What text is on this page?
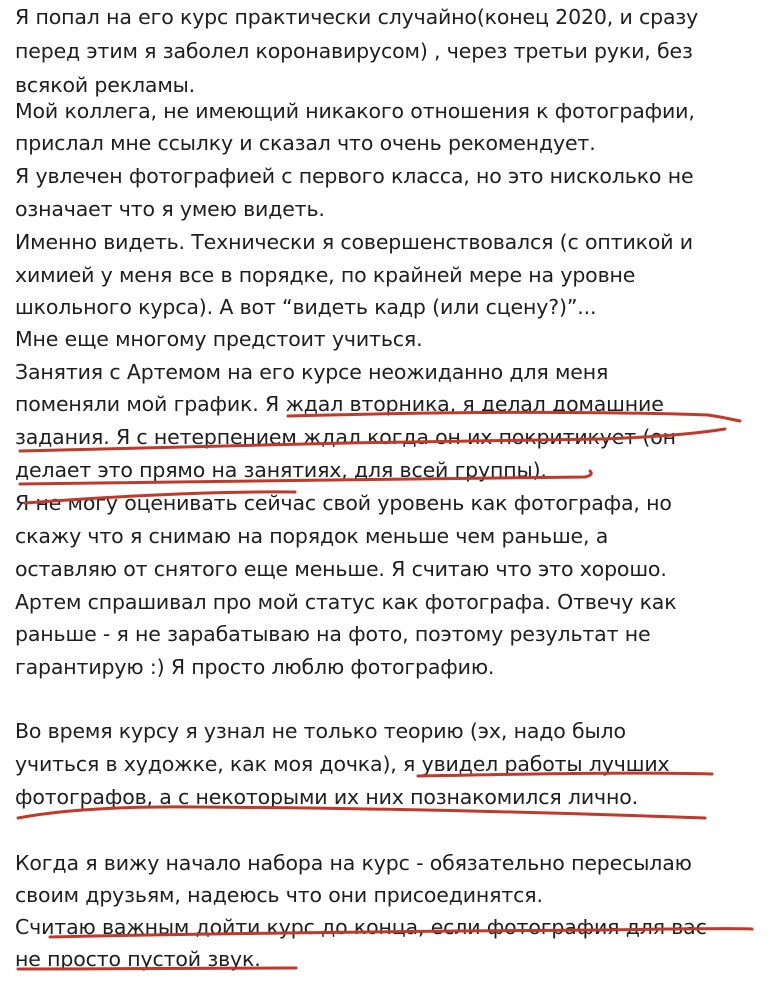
Я попал на его курс практически случайно(конец 2020, и сразу
перед этим я заболел коронавирусом) , через третьи руки, без
всякой рекламы.
Мой коллега, не имеющий никакого отношения к фотографии,
прислал мне ссылку и сказал что очень рекомендует.
Я увлечен фотографией с первого класса, но это нисколько не
означает что я умею видеть.
Именно видеть. Технически я совершенствовался (с оптикой и
химией у меня все в порядке, по крайней мере на уровне
школьного курса). А вот “видеть кадр (или сцену?)”...
Мне еще многому предстоит учиться.
Занятия с Артемом на его курсе неожиданно для меня
поменяли мой график. Я ждал вторника, я делал домашние
задания. Я с нетерпением ждал когда он их покритикует (он
делает это прямо на занятиях, для всей группы).
Я не могу оценивать сейчас свой уровень как фотографа, но
скажу что я снимаю на порядок меньше чем раньше, а
оставляю от снятого еще меньше. Я считаю что это хорошо.
Артем спрашивал про мой статус как фотографа. Отвечу как
раньше - я не зарабатываю на фото, поэтому результат не
гарантирую :) Я просто люблю фотографию.
Во время курсу я узнал не только теорию (эх, надо было
учиться в художке, как моя дочка), я увидел работы лучших
фотографов, а с некоторыми их них познакомился лично.
Когда я вижу начало набора на курс - обязательно пересылаю
своим друзьям, надеюсь что они присоединятся.
Считаю важным дойти курс до конца, если фотография для вас
не просто пустой звук.
